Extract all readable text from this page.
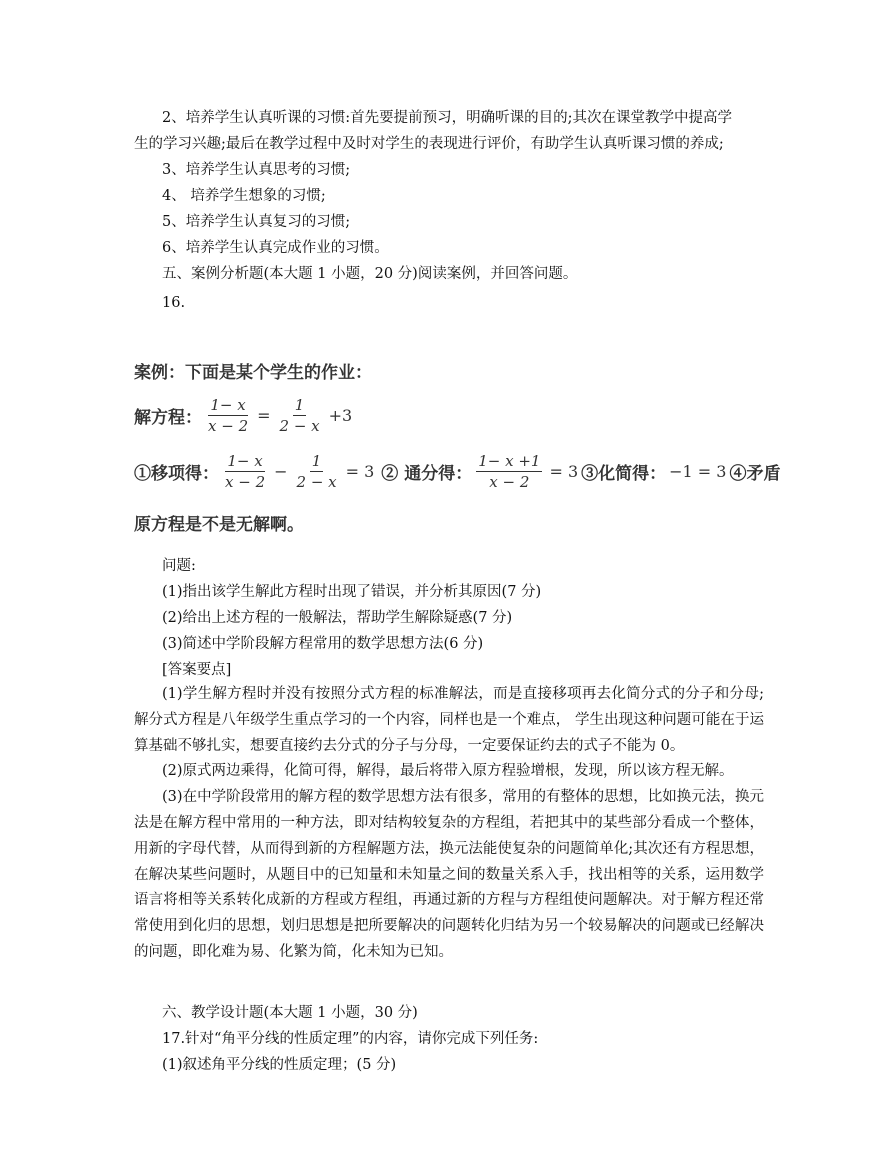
2、培养学生认真听课的习惯:首先要提前预习，明确听课的目的;其次在课堂教学中提高学
生的学习兴趣;最后在教学过程中及时对学生的表现进行评价，有助学生认真听课习惯的养成;
3、培养学生认真思考的习惯;
4、 培养学生想象的习惯;
5、培养学生认真复习的习惯;
6、培养学生认真完成作业的习惯。
五、案例分析题(本大题 1 小题，20 分)阅读案例，并回答问题。
16.
案例：下面是某个学生的作业：
解方程： $\frac{1- x}{x - 2} = \frac{1}{2 - x} +3$
①移项得： $\frac{1- x}{x - 2} - \frac{1}{2 - x} = 3$ ② 通分得： $\frac{1- x +1}{x - 2} = 3$ ③化简得： −1 = 3 ④矛盾
原方程是不是无解啊。
问题:
(1)指出该学生解此方程时出现了错误，并分析其原因(7 分)
(2)给出上述方程的一般解法，帮助学生解除疑惑(7 分)
(3)简述中学阶段解方程常用的数学思想方法(6 分)
[答案要点]

(1)学生解方程时并没有按照分式方程的标准解法，而是直接移项再去化简分式的分子和分母;解分式方程是八年级学生重点学习的一个内容，同样也是一个难点， 学生出现这种问题可能在于运算基础不够扎实，想要直接约去分式的分子与分母，一定要保证约去的式子不能为 0。

(2)原式两边乘得，化简可得，解得，最后将带入原方程验增根，发现，所以该方程无解。

(3)在中学阶段常用的解方程的数学思想方法有很多，常用的有整体的思想，比如换元法，换元法是在解方程中常用的一种方法，即对结构较复杂的方程组，若把其中的某些部分看成一个整体，用新的字母代替，从而得到新的方程解题方法，换元法能使复杂的问题简单化;其次还有方程思想，在解决某些问题时，从题目中的已知量和未知量之间的数量关系入手，找出相等的关系，运用数学语言将相等关系转化成新的方程或方程组，再通过新的方程与方程组使问题解决。对于解方程还常常使用到化归的思想，划归思想是把所要解决的问题转化归结为另一个较易解决的问题或已经解决的问题，即化难为易、化繁为简，化未知为已知。

六、教学设计题(本大题 1 小题，30 分)
17.针对“角平分线的性质定理”的内容，请你完成下列任务:
(1)叙述角平分线的性质定理；(5 分)
